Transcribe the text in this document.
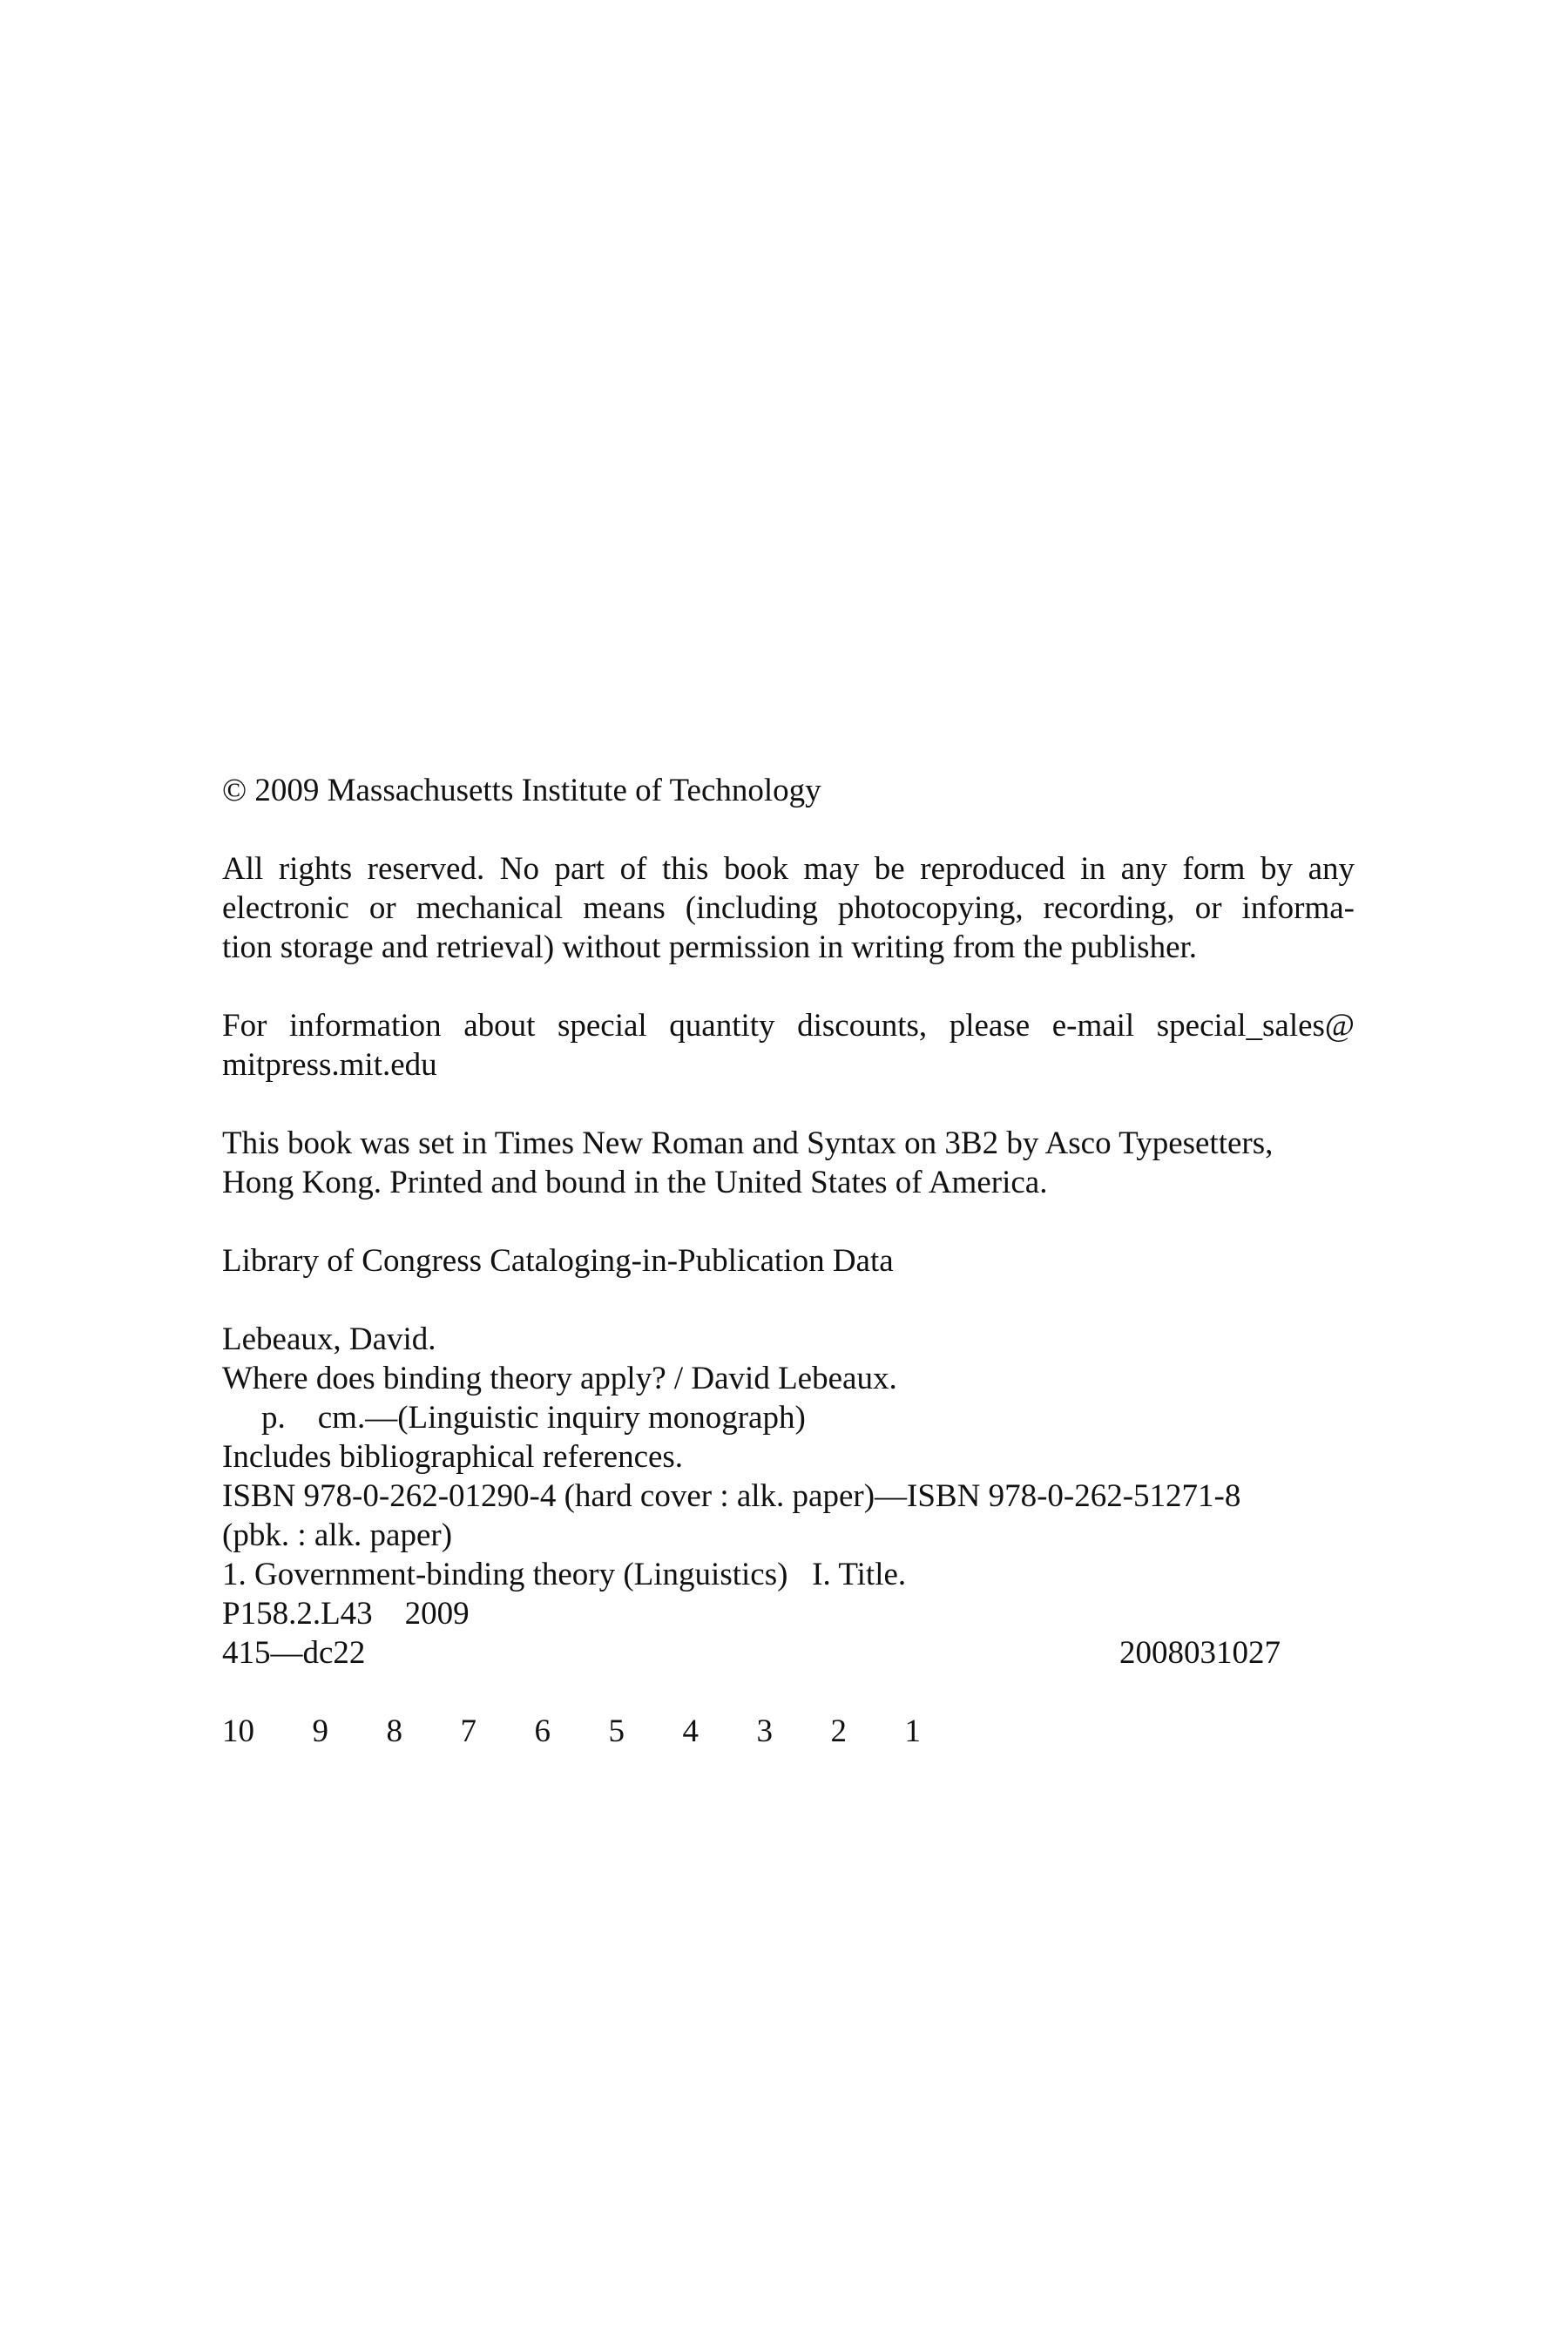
© 2009 Massachusetts Institute of Technology

All rights reserved. No part of this book may be reproduced in any form by any
electronic or mechanical means (including photocopying, recording, or informa-
tion storage and retrieval) without permission in writing from the publisher.

For information about special quantity discounts, please e-mail special_sales@
mitpress.mit.edu

This book was set in Times New Roman and Syntax on 3B2 by Asco Typesetters,
Hong Kong. Printed and bound in the United States of America.

Library of Congress Cataloging-in-Publication Data

Lebeaux, David.
Where does binding theory apply? / David Lebeaux.
p.    cm.—(Linguistic inquiry monograph)
Includes bibliographical references.
ISBN 978-0-262-01290-4 (hard cover : alk. paper)—ISBN 978-0-262-51271-8
(pbk. : alk. paper)
1. Government-binding theory (Linguistics)   I. Title.
P158.2.L43    2009
415—dc22	2008031027

10  9  8  7  6  5  4  3  2  1
